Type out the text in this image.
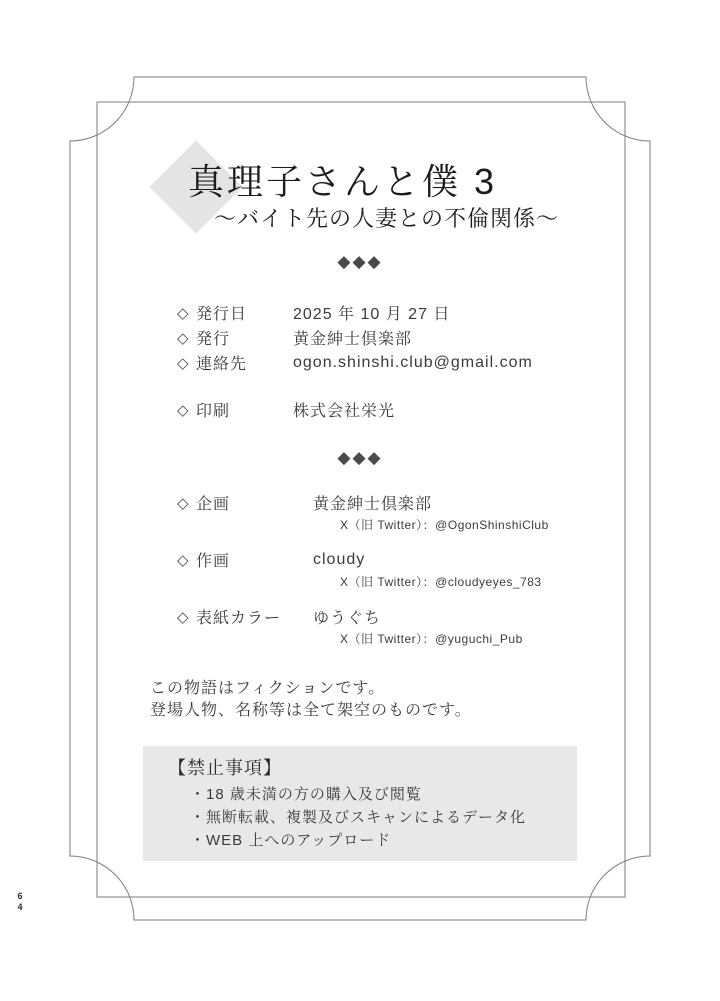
64
真理子さんと僕 3
～バイト先の人妻との不倫関係～
◆◆◆
◇ 発行日	2025 年 10 月 27 日
◇ 発行	黄金紳士倶楽部
◇ 連絡先	ogon.shinshi.club@gmail.com
◇ 印刷	株式会社栄光
◆◆◆
◇ 企画	黄金紳士倶楽部
X（旧 Twitter）：@OgonShinshiClub
◇ 作画	cloudy
X（旧 Twitter）：@cloudyeyes_783
◇ 表紙カラー	ゆうぐち
X（旧 Twitter）：@yuguchi_Pub
この物語はフィクションです。
登場人物、名称等は全て架空のものです。
【禁止事項】
・18 歳未満の方の購入及び閲覧
・無断転載、複製及びスキャンによるデータ化
・WEB 上へのアップロード
